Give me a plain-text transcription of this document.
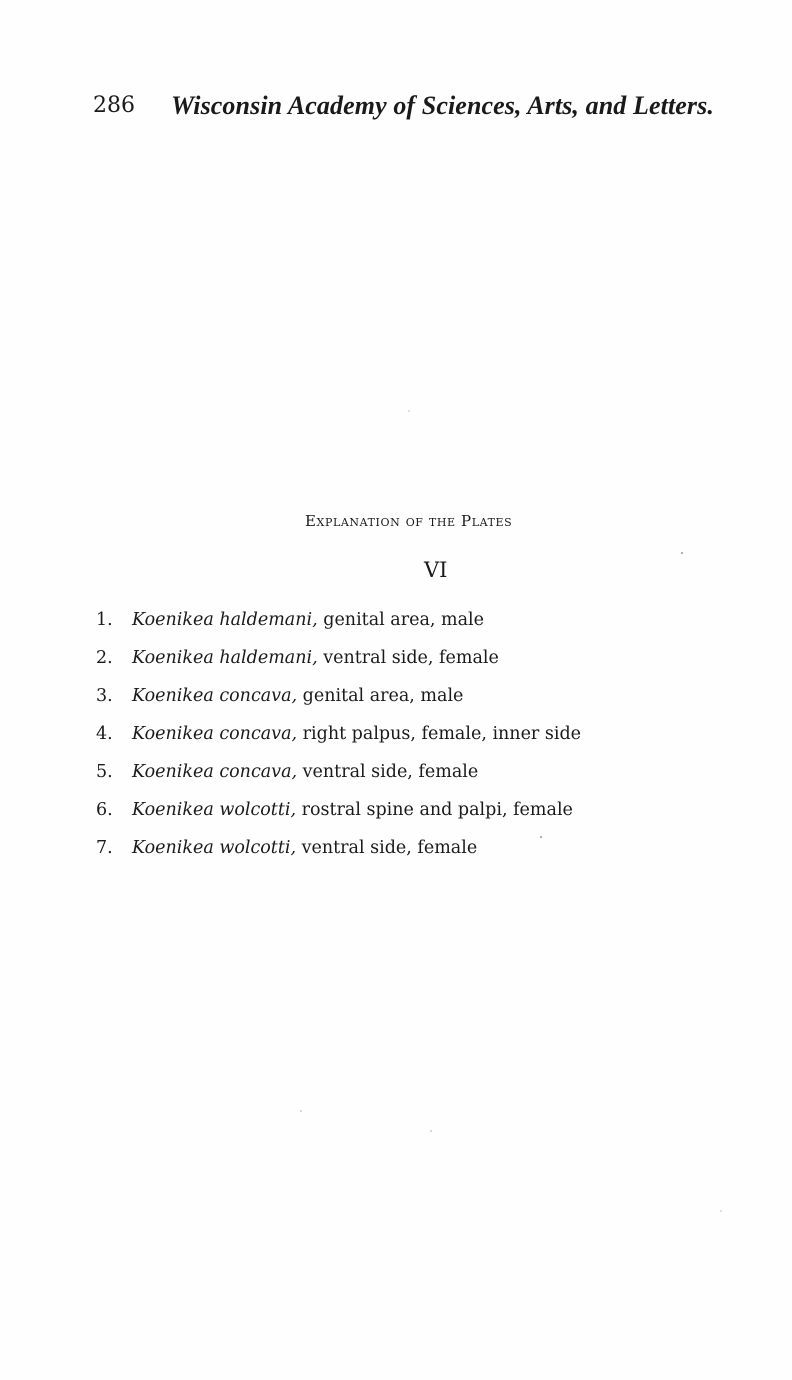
286 Wisconsin Academy of Sciences, Arts, and Letters.
Explanation of the Plates
VI
1. Koenikea haldemani, genital area, male
2. Koenikea haldemani, ventral side, female
3. Koenikea concava, genital area, male
4. Koenikea concava, right palpus, female, inner side
5. Koenikea concava, ventral side, female
6. Koenikea wolcotti, rostral spine and palpi, female
7. Koenikea wolcotti, ventral side, female
